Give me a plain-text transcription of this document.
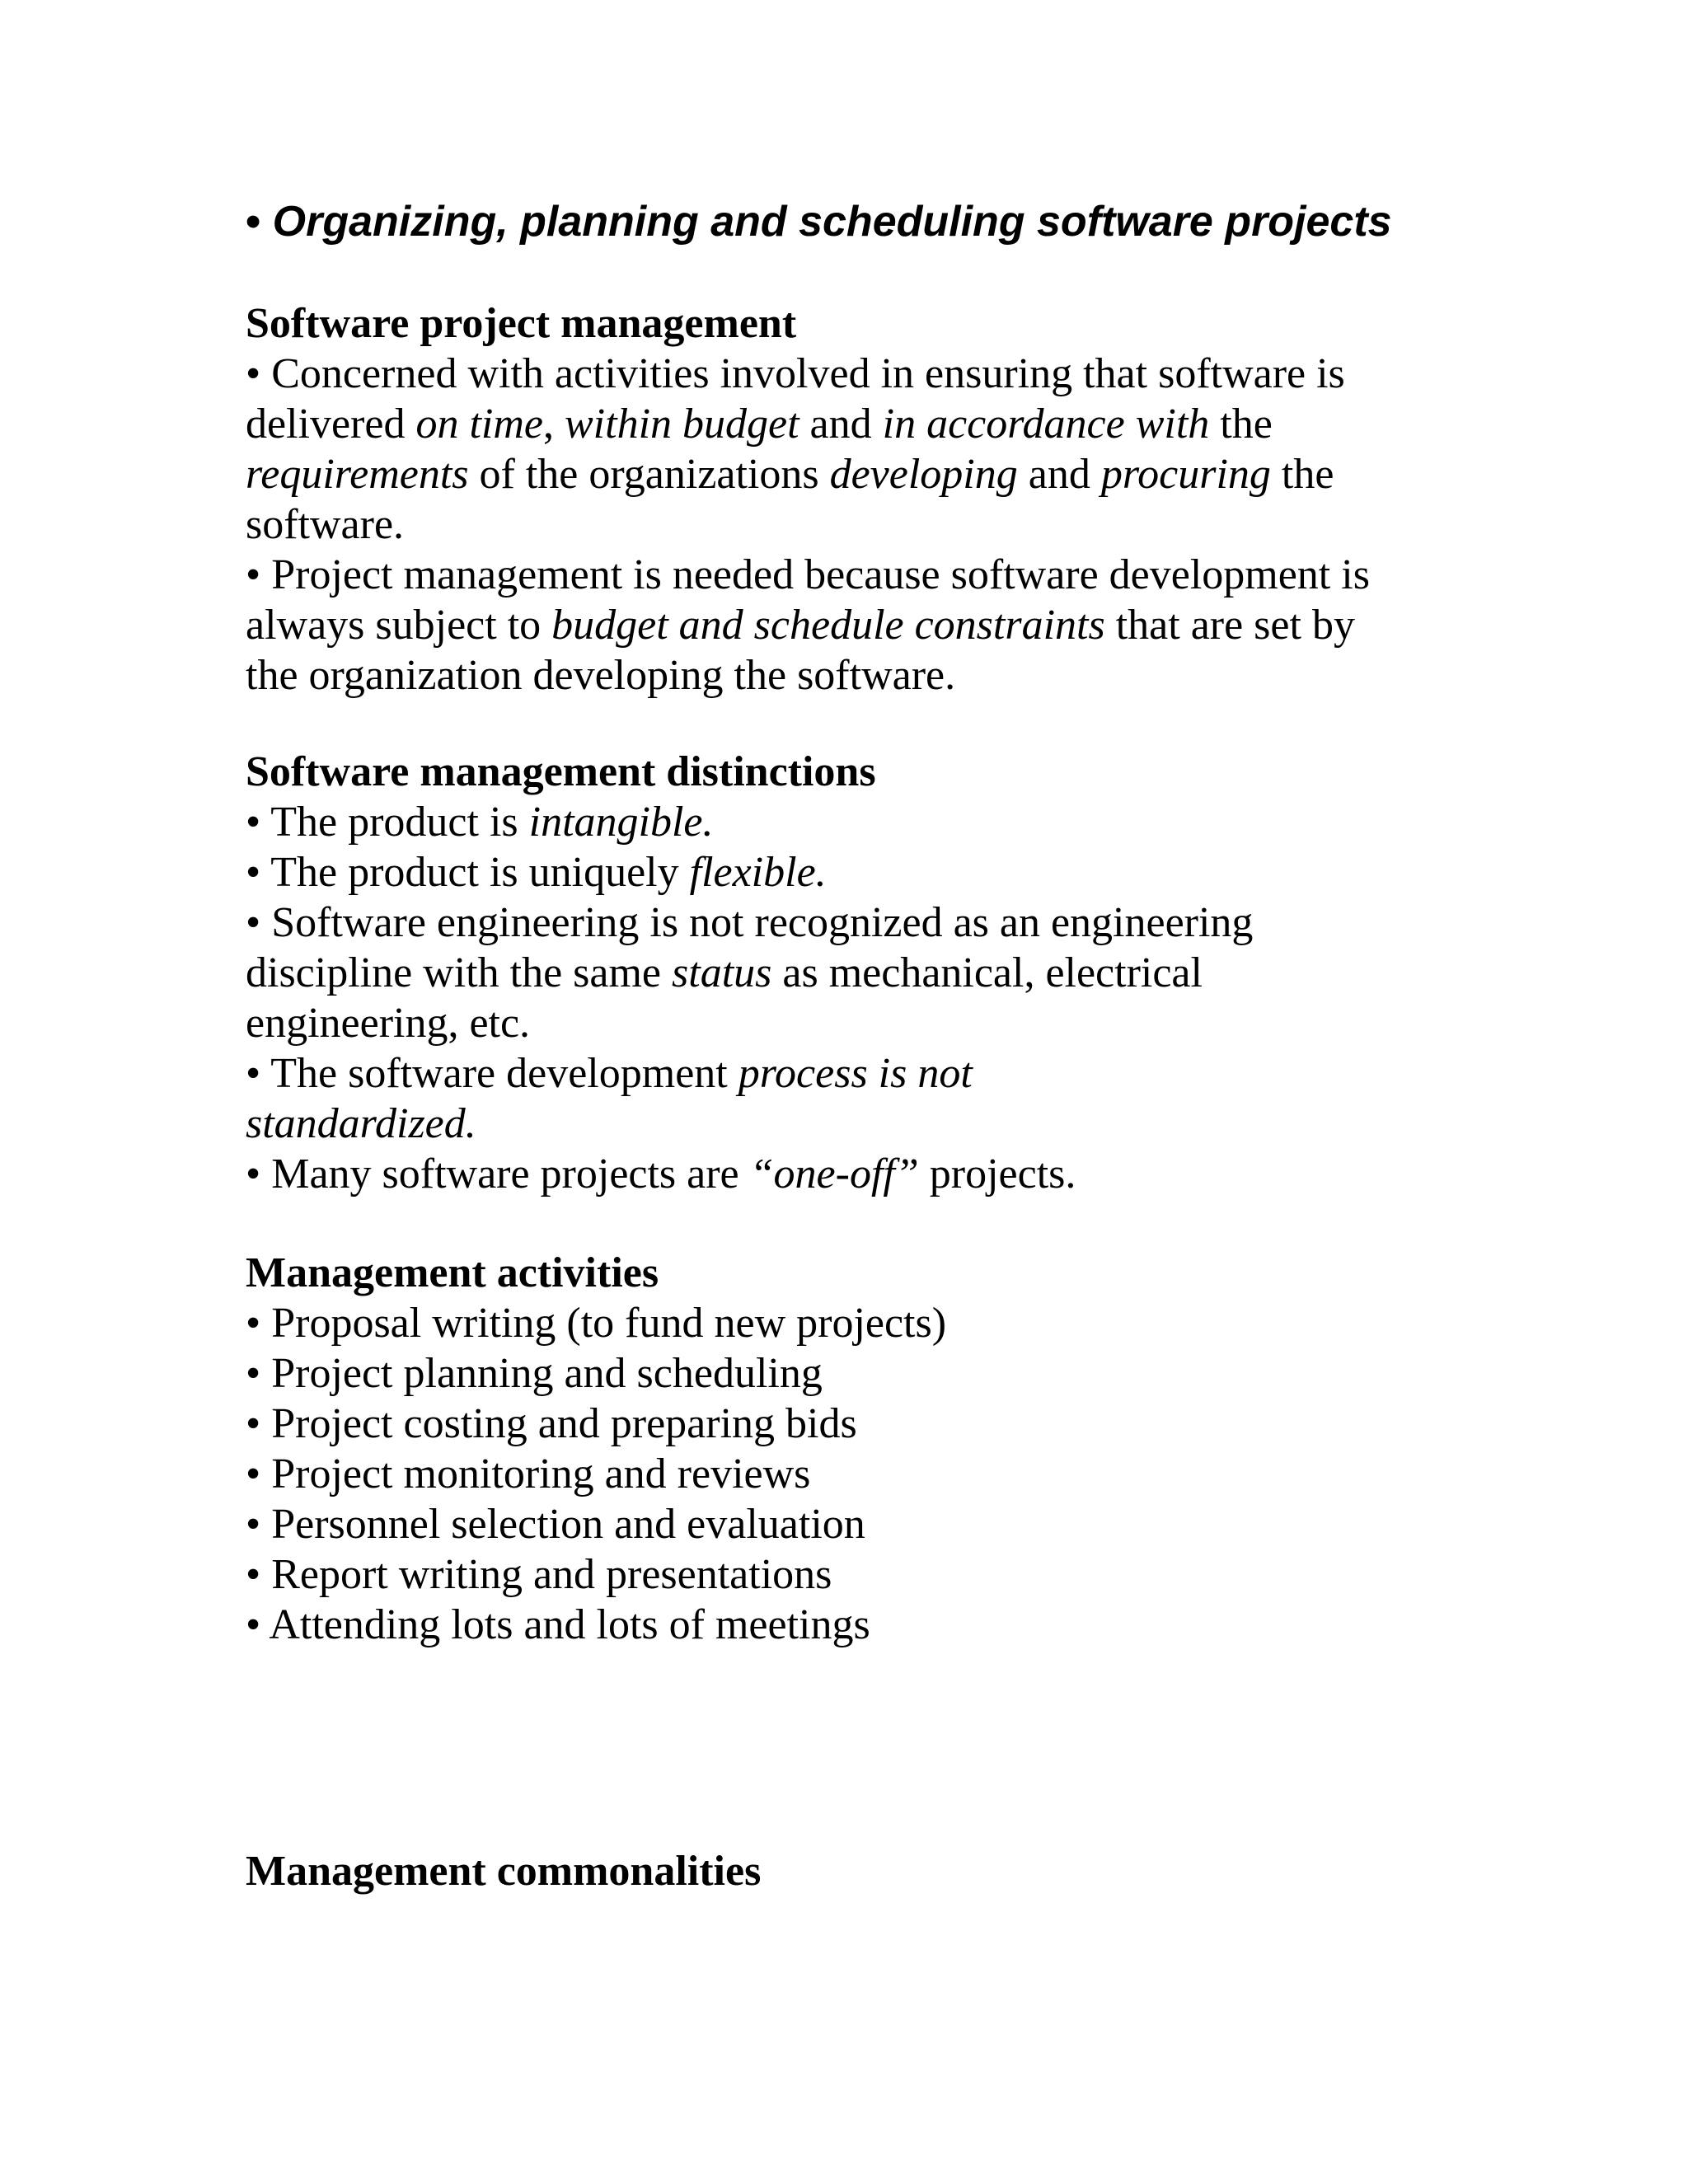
• Organizing, planning and scheduling software projects

Software project management

• Concerned with activities involved in ensuring that software is
delivered on time, within budget and in accordance with the
requirements of the organizations developing and procuring the
software.

• Project management is needed because software development is
always subject to budget and schedule constraints that are set by
the organization developing the software.

Software management distinctions

• The product is intangible.

• The product is uniquely flexible.

• Software engineering is not recognized as an engineering
discipline with the same status as mechanical, electrical
engineering, etc.

• The software development process is not
standardized.

• Many software projects are “one-off” projects.

Management activities

• Proposal writing (to fund new projects)

• Project planning and scheduling

• Project costing and preparing bids

• Project monitoring and reviews

• Personnel selection and evaluation

• Report writing and presentations

• Attending lots and lots of meetings

Management commonalities
